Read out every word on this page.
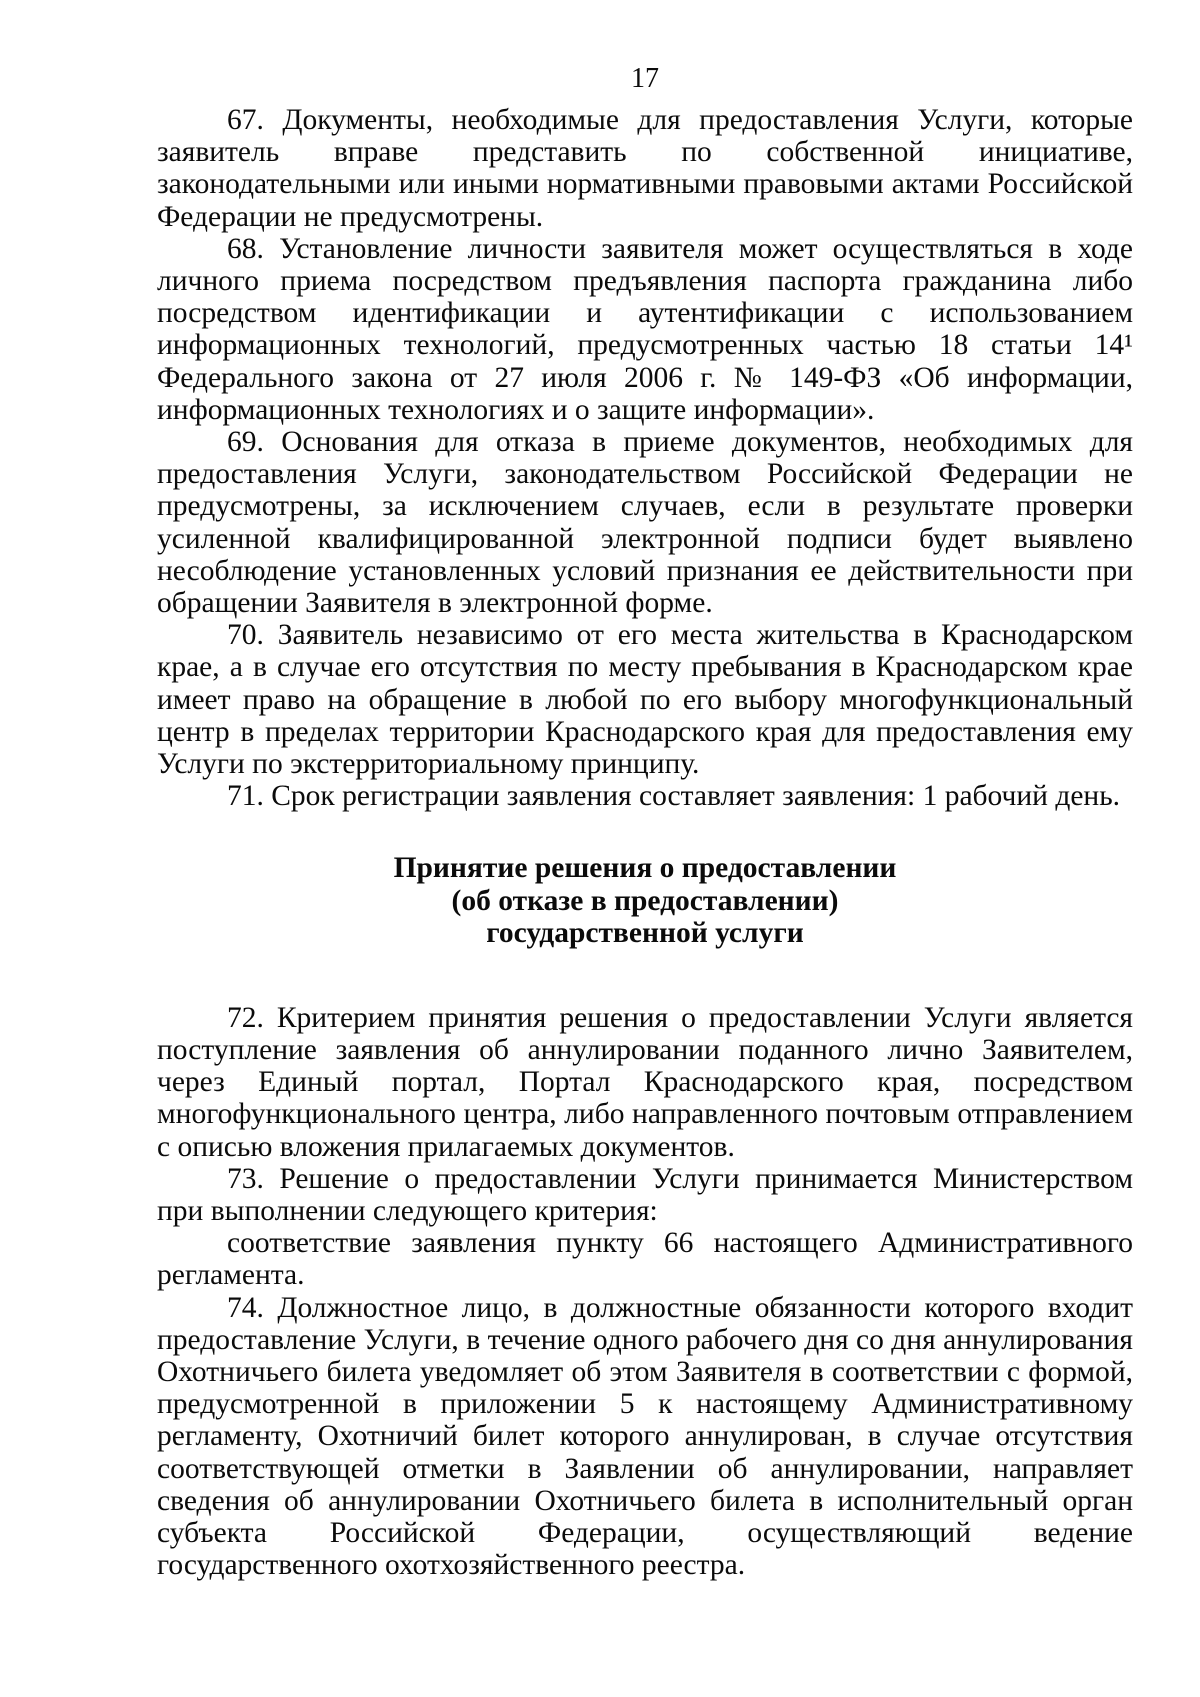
17

67. Документы, необходимые для предоставления Услуги, которые заявитель вправе представить по собственной инициативе, законодательными или иными нормативными правовыми актами Российской Федерации не предусмотрены.

68. Установление личности заявителя может осуществляться в ходе личного приема посредством предъявления паспорта гражданина либо посредством идентификации и аутентификации с использованием информационных технологий, предусмотренных частью 18 статьи 14¹ Федерального закона от 27 июля 2006 г. № 149-ФЗ «Об информации, информационных технологиях и о защите информации».

69. Основания для отказа в приеме документов, необходимых для предоставления Услуги, законодательством Российской Федерации не предусмотрены, за исключением случаев, если в результате проверки усиленной квалифицированной электронной подписи будет выявлено несоблюдение установленных условий признания ее действительности при обращении Заявителя в электронной форме.

70. Заявитель независимо от его места жительства в Краснодарском крае, а в случае его отсутствия по месту пребывания в Краснодарском крае имеет право на обращение в любой по его выбору многофункциональный центр в пределах территории Краснодарского края для предоставления ему Услуги по экстерриториальному принципу.

71. Срок регистрации заявления составляет заявления: 1 рабочий день.

Принятие решения о предоставлении
(об отказе в предоставлении)
государственной услуги

72. Критерием принятия решения о предоставлении Услуги является поступление заявления об аннулировании поданного лично Заявителем, через Единый портал, Портал Краснодарского края, посредством многофункционального центра, либо направленного почтовым отправлением с описью вложения прилагаемых документов.

73. Решение о предоставлении Услуги принимается Министерством при выполнении следующего критерия:

соответствие заявления пункту 66 настоящего Административного регламента.

74. Должностное лицо, в должностные обязанности которого входит предоставление Услуги, в течение одного рабочего дня со дня аннулирования Охотничьего билета уведомляет об этом Заявителя в соответствии с формой, предусмотренной в приложении 5 к настоящему Административному регламенту, Охотничий билет которого аннулирован, в случае отсутствия соответствующей отметки в Заявлении об аннулировании, направляет сведения об аннулировании Охотничьего билета в исполнительный орган субъекта Российской Федерации, осуществляющий ведение государственного охотхозяйственного реестра.
